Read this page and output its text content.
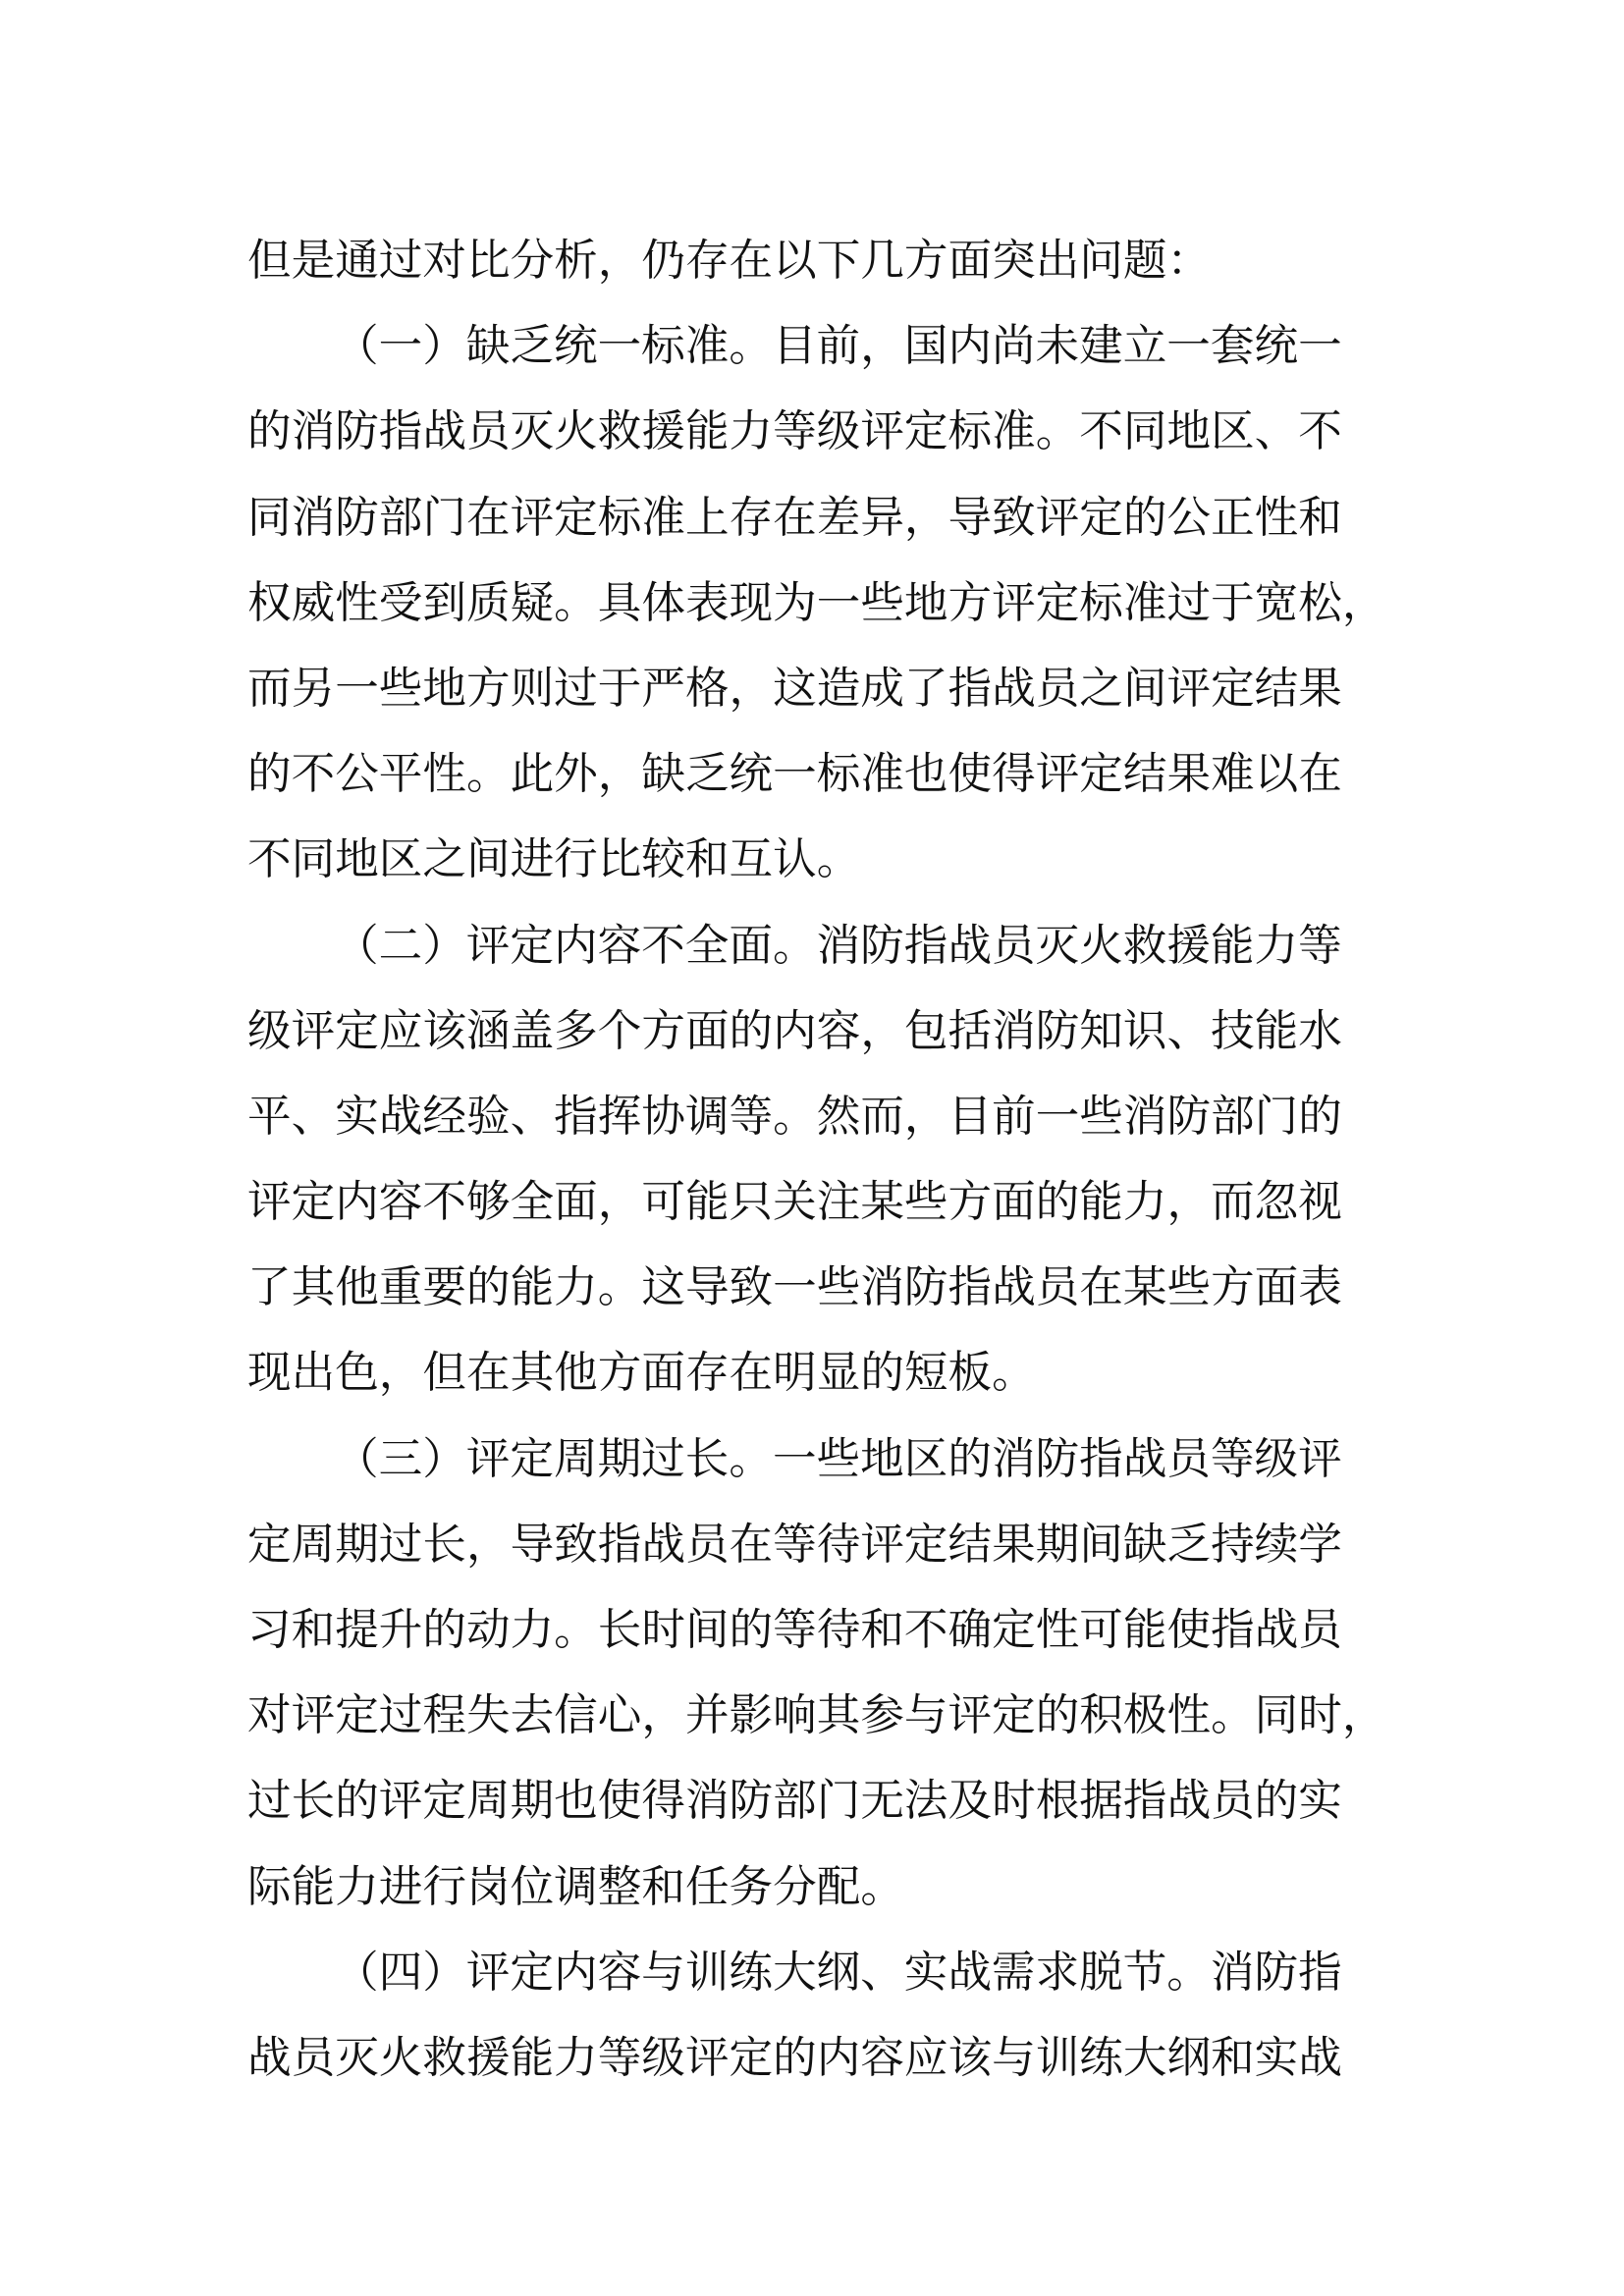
但是通过对比分析，仍存在以下几方面突出问题：
（一）缺乏统一标准。目前，国内尚未建立一套统一
的消防指战员灭火救援能力等级评定标准。不同地区、不
同消防部门在评定标准上存在差异，导致评定的公正性和
权威性受到质疑。具体表现为一些地方评定标准过于宽松，
而另一些地方则过于严格，这造成了指战员之间评定结果
的不公平性。此外，缺乏统一标准也使得评定结果难以在
不同地区之间进行比较和互认。
（二）评定内容不全面。消防指战员灭火救援能力等
级评定应该涵盖多个方面的内容，包括消防知识、技能水
平、实战经验、指挥协调等。然而，目前一些消防部门的
评定内容不够全面，可能只关注某些方面的能力，而忽视
了其他重要的能力。这导致一些消防指战员在某些方面表
现出色，但在其他方面存在明显的短板。
（三）评定周期过长。一些地区的消防指战员等级评
定周期过长，导致指战员在等待评定结果期间缺乏持续学
习和提升的动力。长时间的等待和不确定性可能使指战员
对评定过程失去信心，并影响其参与评定的积极性。同时，
过长的评定周期也使得消防部门无法及时根据指战员的实
际能力进行岗位调整和任务分配。
（四）评定内容与训练大纲、实战需求脱节。消防指
战员灭火救援能力等级评定的内容应该与训练大纲和实战
